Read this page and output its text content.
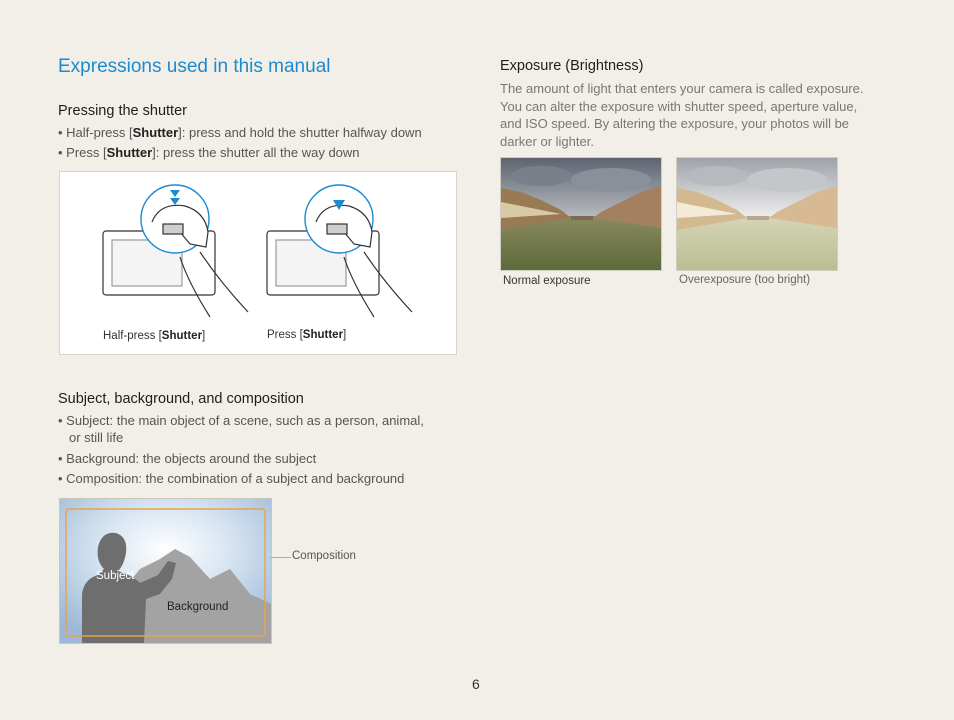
Expressions used in this manual
Pressing the shutter
• Half-press [Shutter]: press and hold the shutter halfway down
• Press [Shutter]: press the shutter all the way down
Half-press [Shutter]	Press [Shutter]
Subject, background, and composition
• Subject: the main object of a scene, such as a person, animal,
or still life
• Background: the objects around the subject
• Composition: the combination of a subject and background
Subject
Background
Composition
Exposure (Brightness)
The amount of light that enters your camera is called exposure.
You can alter the exposure with shutter speed, aperture value,
and ISO speed. By altering the exposure, your photos will be
darker or lighter.
Normal exposure	Overexposure (too bright)
6
